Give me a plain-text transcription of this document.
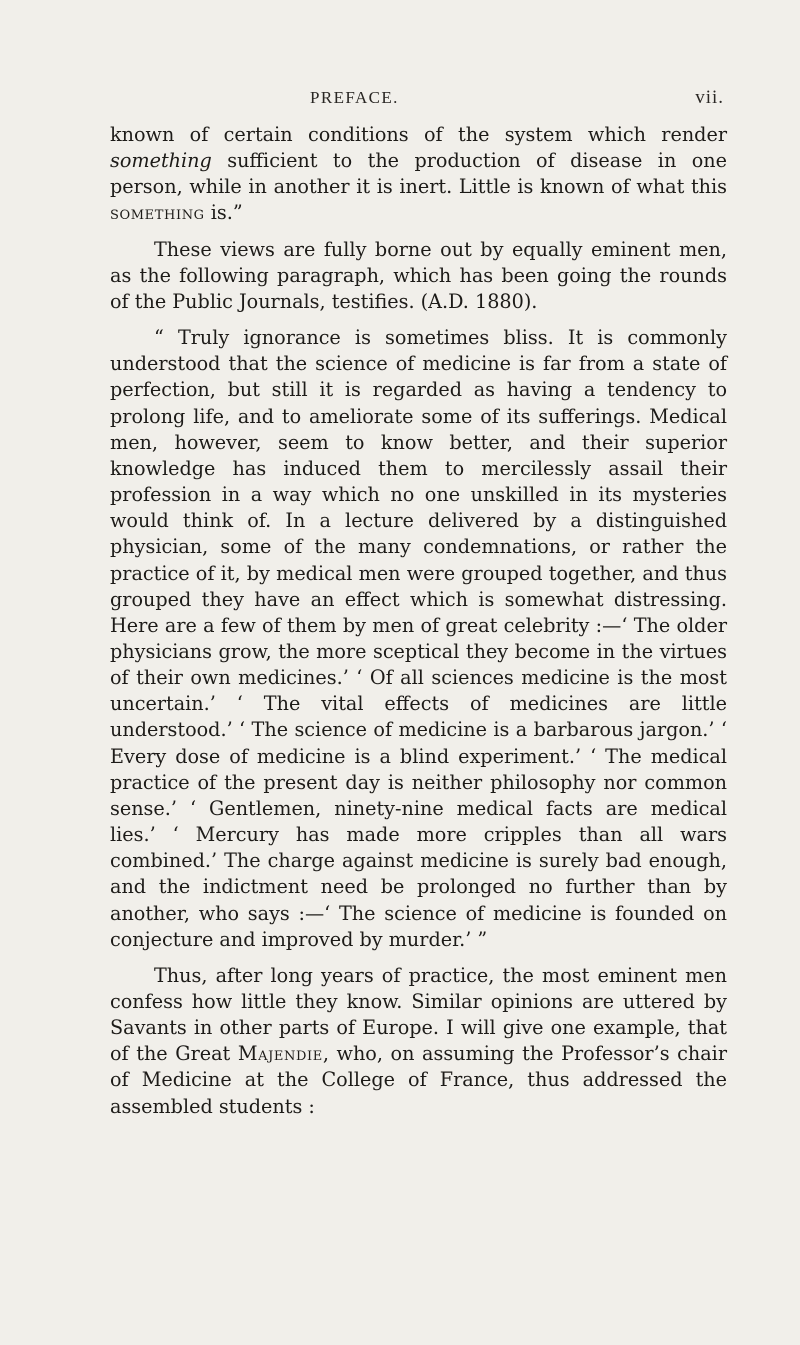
PREFACE.	vii.

known of certain conditions of the system which render something sufficient to the production of disease in one person, while in another it is inert. Little is known of what this something is.”

These views are fully borne out by equally eminent men, as the following paragraph, which has been going the rounds of the Public Journals, testifies. (A.D. 1880).

“ Truly ignorance is sometimes bliss. It is commonly understood that the science of medicine is far from a state of perfection, but still it is regarded as having a tendency to prolong life, and to ameliorate some of its sufferings. Medical men, however, seem to know better, and their superior knowledge has induced them to mercilessly assail their profession in a way which no one unskilled in its mysteries would think of. In a lecture delivered by a distinguished physician, some of the many condemnations, or rather the practice of it, by medical men were grouped together, and thus grouped they have an effect which is somewhat distressing. Here are a few of them by men of great celebrity :—‘ The older physicians grow, the more sceptical they become in the virtues of their own medicines.’ ‘ Of all sciences medicine is the most uncertain.’ ‘ The vital effects of medicines are little understood.’ ‘ The science of medicine is a barbarous jargon.’ ‘ Every dose of medicine is a blind experiment.’ ‘ The medical practice of the present day is neither philosophy nor common sense.’ ‘ Gentlemen, ninety-nine medical facts are medical lies.’ ‘ Mercury has made more cripples than all wars combined.’ The charge against medicine is surely bad enough, and the indictment need be prolonged no further than by another, who says :—‘ The science of medicine is founded on conjecture and improved by murder.’ ”

Thus, after long years of practice, the most eminent men confess how little they know. Similar opinions are uttered by Savants in other parts of Europe. I will give one example, that of the Great Majendie, who, on assuming the Professor’s chair of Medicine at the College of France, thus addressed the assembled students :
